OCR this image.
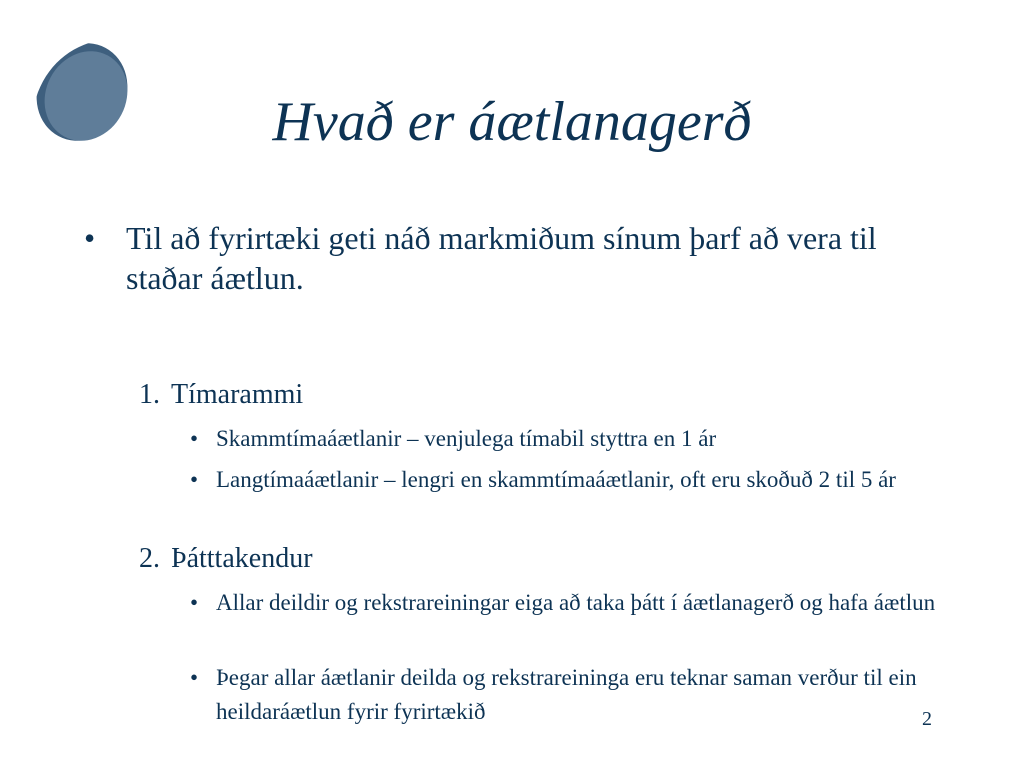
Hvað er áætlanagerð
• Til að fyrirtæki geti náð markmiðum sínum þarf að vera til staðar áætlun.
1. Tímarammi
• Skammtímaáætlanir – venjulega tímabil styttra en 1 ár
• Langtímaáætlanir – lengri en skammtímaáætlanir, oft eru skoðuð 2 til 5 ár
2. Þátttakendur
• Allar deildir og rekstrareiningar eiga að taka þátt í áætlanagerð og hafa áætlun
• Þegar allar áætlanir deilda og rekstrareininga eru teknar saman verður til ein heildaráætlun fyrir fyrirtækið	2
